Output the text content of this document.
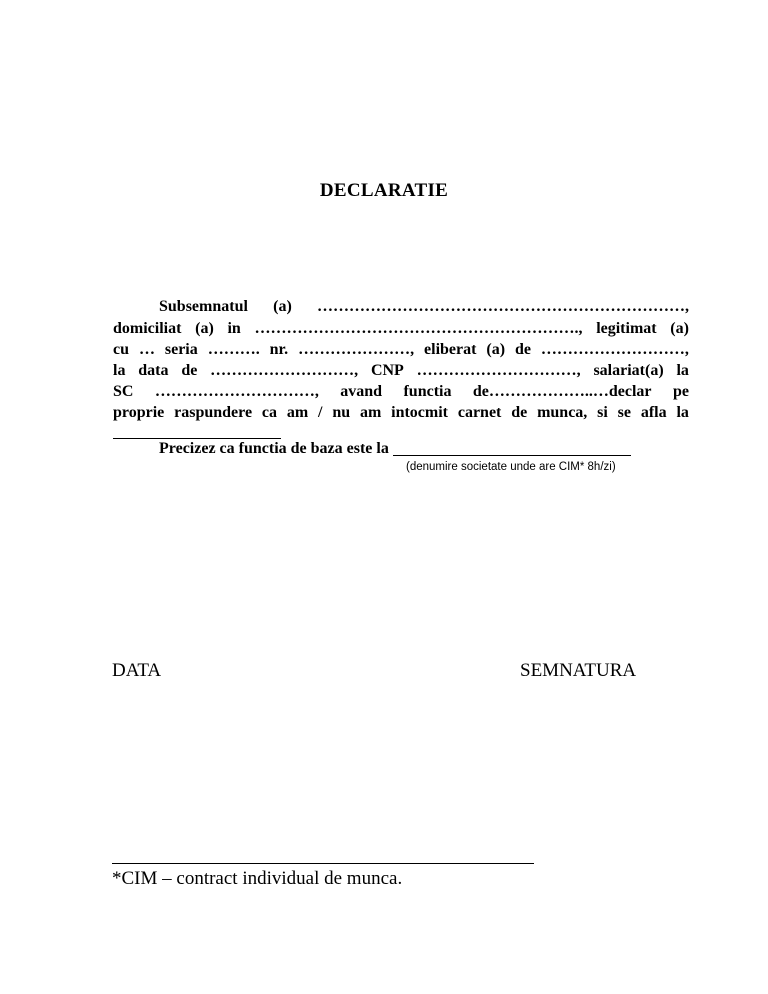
DECLARATIE
Subsemnatul (a) ……………………………………………………………,
domiciliat (a) in ……………………………………………………., legitimat (a)
cu … seria ………. nr. …………………, eliberat (a) de ………………………,
la data de ………………………, CNP …………………………, salariat(a) la
SC …………………………, avand functia de………………..…declar pe
proprie raspundere ca am / nu am intocmit carnet de munca, si se afla la
Precizez ca functia de baza este la
(denumire societate unde are CIM* 8h/zi)
DATA	SEMNATURA
*CIM – contract individual de munca.
